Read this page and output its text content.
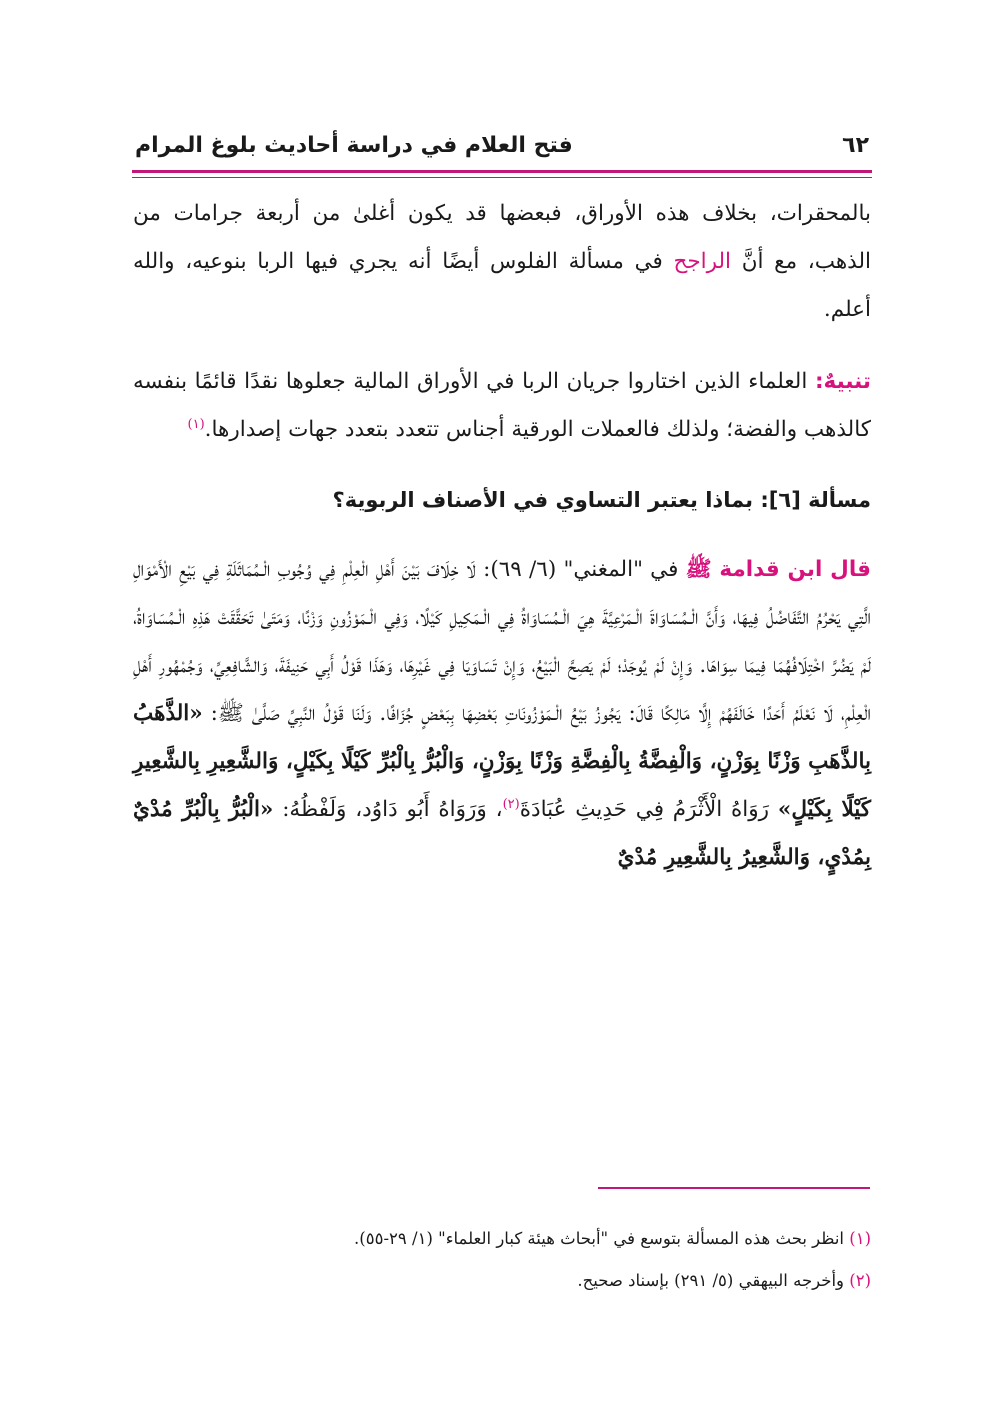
٦٢
فتح العلام في دراسة أحاديث بلوغ المرام

بالمحقرات، بخلاف هذه الأوراق، فبعضها قد يكون أغلىٰ من أربعة جرامات من الذهب، مع أنَّ الراجح في مسألة الفلوس أيضًا أنه يجري فيها الربا بنوعيه، والله أعلم.

تنبيهٌ: العلماء الذين اختاروا جريان الربا في الأوراق المالية جعلوها نقدًا قائمًا بنفسه كالذهب والفضة؛ ولذلك فالعملات الورقية أجناس تتعدد بتعدد جهات إصدارها.$^{(١)}$

مسألة [٦]: بماذا يعتبر التساوي في الأصناف الربوية؟

قال ابن قدامة ﷺ في "المغني" (٦/ ٦٩): لَا خِلَافَ بَيْنَ أَهْلِ الْعِلْمِ فِي وُجُوبِ الْـمُمَاثَلَةِ فِي بَيْعِ الْأَمْوَالِ الَّتِي يَحْرُمُ التَّفَاضُلُ فِيهَا، وَأَنَّ الْـمُسَاوَاةَ الْـمَرْعِيَّةَ هِيَ الْـمُسَاوَاةُ فِي الْـمَكِيلِ كَيْلًا، وَفِي الْـمَوْزُونِ وَزْنًا، وَمَتَىٰ تَحَقَّقَتْ هَذِهِ الْـمُسَاوَاةُ، لَمْ يَضُرَّ اخْتِلَافُهُمَا فِيمَا سِوَاهَا. وَإِنْ لَمْ يُوجَدْ؛ لَمْ يَصِحَّ الْبَيْعُ، وَإِنْ تَسَاوَيَا فِي غَيْرِهَا، وَهَذَا قَوْلُ أَبِي حَنِيفَةَ، وَالشَّافِعِيِّ، وَجُمْهُورِ أَهْلِ الْعِلْمِ، لَا نَعْلَمُ أَحَدًا خَالَفَهُمْ إِلَّا مَالِكًا قَالَ: يَجُوزُ بَيْعُ الْـمَوْزُونَاتِ بَعْضِهَا بِبَعْضٍ جُزَافًا. وَلَنَا قَوْلُ النَّبِيِّ صَلَّىٰ ﷺ: «الذَّهَبُ بِالذَّهَبِ وَزْنًا بِوَزْنٍ، وَالْفِضَّةُ بِالْفِضَّةِ وَزْنًا بِوَزْنٍ، وَالْبُرُّ بِالْبُرِّ كَيْلًا بِكَيْلٍ، وَالشَّعِيرِ بِالشَّعِيرِ كَيْلًا بِكَيْلٍ» رَوَاهُ الْأَثْرَمُ فِي حَدِيثِ عُبَادَةَ$^{(٢)}$، وَرَوَاهُ أَبُو دَاوُد، وَلَفْظُهُ: «الْبُرُّ بِالْبُرِّ مُدْيٌ بِمُدْيٍ، وَالشَّعِيرُ بِالشَّعِيرِ مُدْيٌ

(١) انظر بحث هذه المسألة بتوسع في "أبحاث هيئة كبار العلماء" (١/ ٢٩-٥٥).
(٢) وأخرجه البيهقي (٥/ ٢٩١) بإسناد صحيح.
